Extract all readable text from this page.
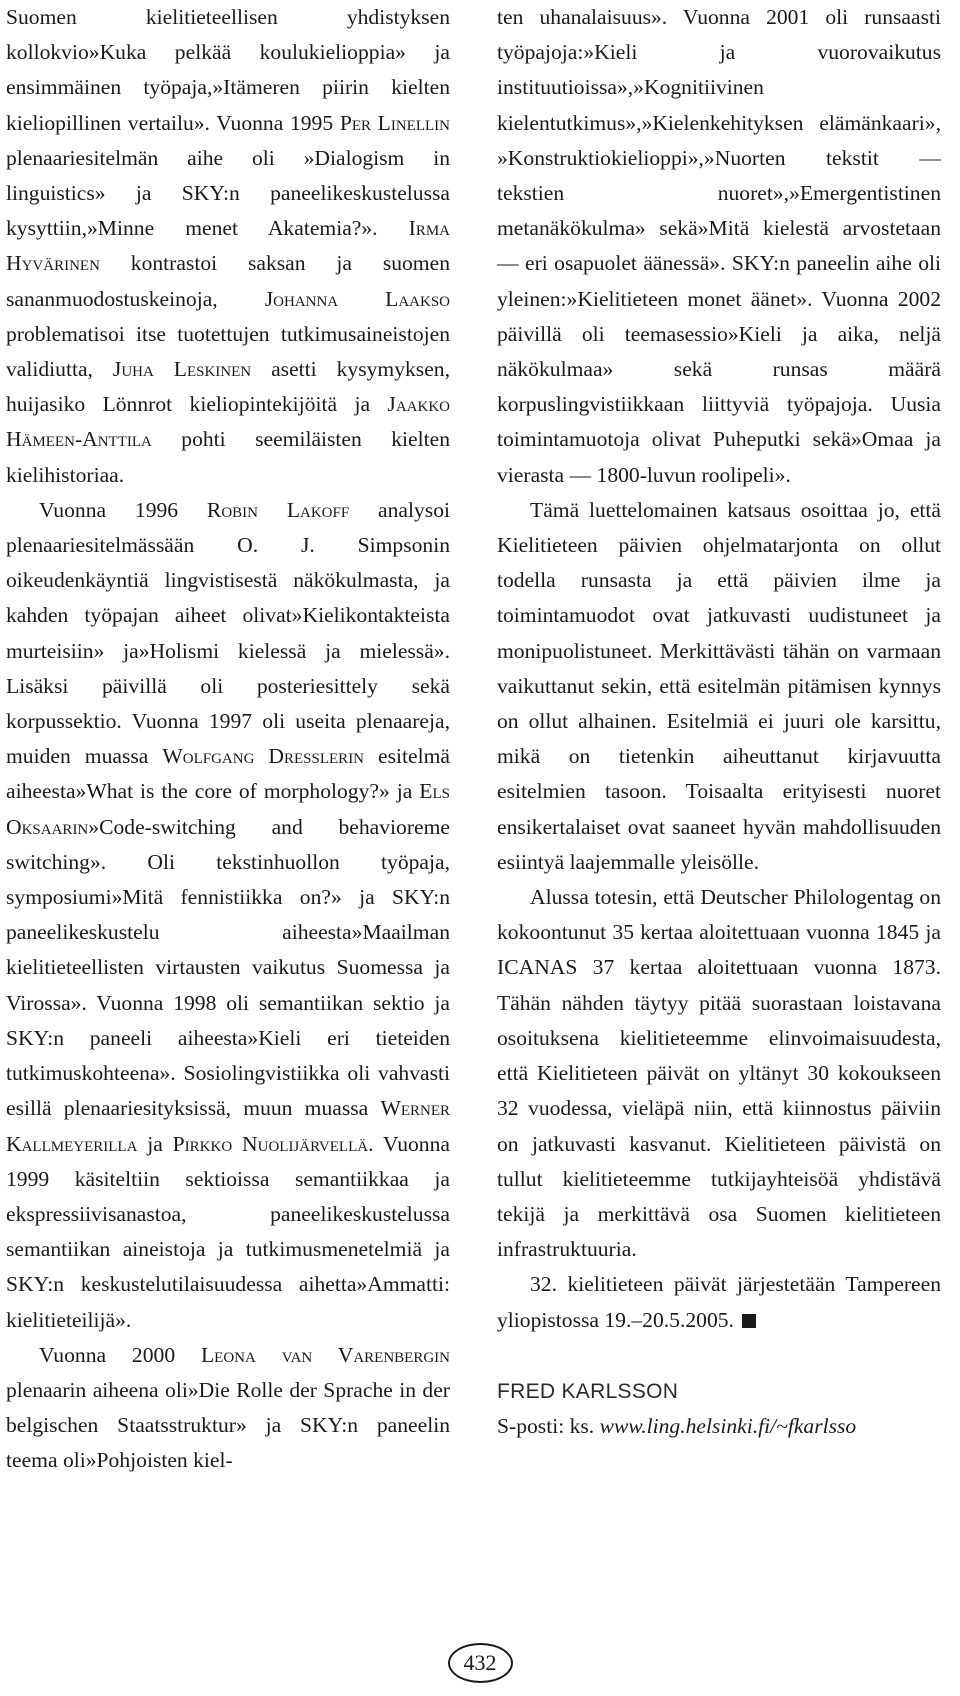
Suomen kielitieteellisen yhdistyksen kollokvio»Kuka pelkää koulukielioppia» ja ensimmäinen työpaja,»Itämeren piirin kielten kieliopillinen vertailu». Vuonna 1995 Per Linellin plenaariesitelmän aihe oli »Dialogism in linguistics» ja SKY:n paneelikeskustelussa kysyttiin,»Minne menet Akatemia?». Irma Hyvärinen kontrastoi saksan ja suomen sananmuodostuskeinoja, Johanna Laakso problematisoi itse tuotettujen tutkimusaineistojen validiutta, Juha Leskinen asetti kysymyksen, huijasiko Lönnrot kieliopintekijöitä ja Jaakko Hämeen-Anttila pohti seemiläisten kielten kielihistoriaa.

Vuonna 1996 Robin Lakoff analysoi plenaariesitelmässään O. J. Simpsonin oikeudenkäyntiä lingvistisestä näkökulmasta, ja kahden työpajan aiheet olivat»Kielikontakteista murteisiin» ja»Holismi kielessä ja mielessä». Lisäksi päivillä oli posteriesittely sekä korpussektio. Vuonna 1997 oli useita plenaareja, muiden muassa Wolfgang Dresslerin esitelmä aiheesta»What is the core of morphology?» ja Els Oksaarin»Code-switching and behavioreme switching». Oli tekstinhuollon työpaja, symposiumi»Mitä fennistiikka on?» ja SKY:n paneelikeskustelu aiheesta»Maailman kielitieteellisten virtausten vaikutus Suomessa ja Virossa». Vuonna 1998 oli semantiikan sektio ja SKY:n paneeli aiheesta»Kieli eri tieteiden tutkimuskohteena». Sosiolingvistiikka oli vahvasti esillä plenaariesityksissä, muun muassa Werner Kallmeyerilla ja Pirkko Nuolijärvellä. Vuonna 1999 käsiteltiin sektioissa semantiikkaa ja ekspressiivisanastoa, paneelikeskustelussa semantiikan aineistoja ja tutkimusmenetelmiä ja SKY:n keskustelutilaisuudessa aihetta»Ammatti: kielitieteilijä».

Vuonna 2000 Leona van Varenbergin plenaarin aiheena oli»Die Rolle der Sprache in der belgischen Staatsstruktur» ja SKY:n paneelin teema oli»Pohjoisten kiel-

ten uhanalaisuus». Vuonna 2001 oli runsaasti työpajoja:»Kieli ja vuorovaikutus instituutioissa»,»Kognitiivinen kielentutkimus»,»Kielenkehityksen elämänkaari», »Konstruktiokielioppi»,»Nuorten tekstit — tekstien nuoret»,»Emergentistinen metanäkökulma» sekä»Mitä kielestä arvostetaan — eri osapuolet äänessä». SKY:n paneelin aihe oli yleinen:»Kielitieteen monet äänet». Vuonna 2002 päivillä oli teemasessio»Kieli ja aika, neljä näkökulmaa» sekä runsas määrä korpuslingvistiikkaan liittyviä työpajoja. Uusia toimintamuotoja olivat Puheputki sekä»Omaa ja vierasta — 1800-luvun roolipeli».

Tämä luettelomainen katsaus osoittaa jo, että Kielitieteen päivien ohjelmatarjonta on ollut todella runsasta ja että päivien ilme ja toimintamuodot ovat jatkuvasti uudistuneet ja monipuolistuneet. Merkittävästi tähän on varmaan vaikuttanut sekin, että esitelmän pitämisen kynnys on ollut alhainen. Esitelmiä ei juuri ole karsittu, mikä on tietenkin aiheuttanut kirjavuutta esitelmien tasoon. Toisaalta erityisesti nuoret ensikertalaiset ovat saaneet hyvän mahdollisuuden esiintyä laajemmalle yleisölle.

Alussa totesin, että Deutscher Philologentag on kokoontunut 35 kertaa aloitettuaan vuonna 1845 ja ICANAS 37 kertaa aloitettuaan vuonna 1873. Tähän nähden täytyy pitää suorastaan loistavana osoituksena kielitieteemme elinvoimaisuudesta, että Kielitieteen päivät on yltänyt 30 kokoukseen 32 vuodessa, vieläpä niin, että kiinnostus päiviin on jatkuvasti kasvanut. Kielitieteen päivistä on tullut kielitieteemme tutkijayhteisöä yhdistävä tekijä ja merkittävä osa Suomen kielitieteen infrastruktuuria.

32. kielitieteen päivät järjestetään Tampereen yliopistossa 19.–20.5.2005.

FRED KARLSSON

S-posti: ks. www.ling.helsinki.fi/~fkarlsso

432
